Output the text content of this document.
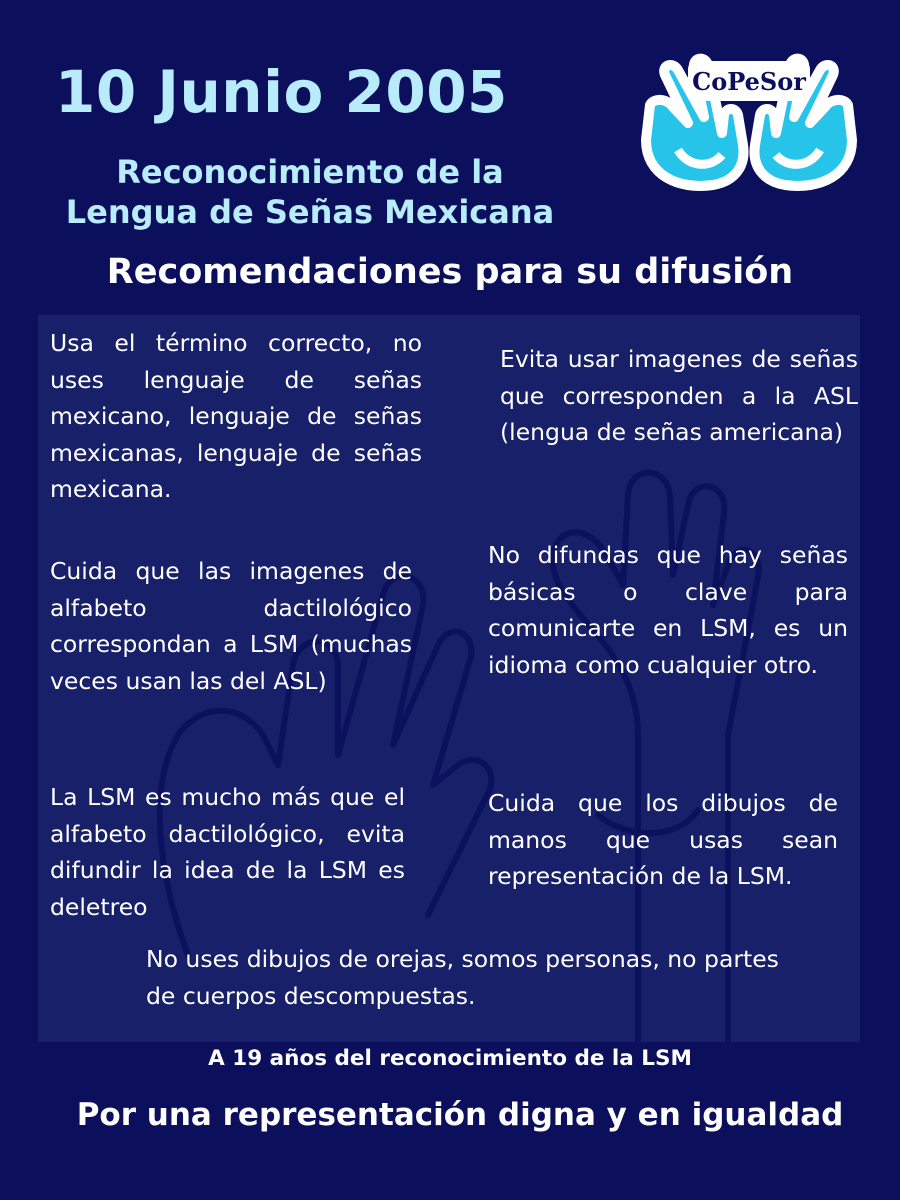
10 Junio 2005
Reconocimiento de la
Lengua de Señas Mexicana
CoPeSor
Recomendaciones para su difusión
Usa el término correcto, no uses lenguaje de señas mexicano, lenguaje de señas mexicanas, lenguaje de señas mexicana.
Evita usar imagenes de señas que corresponden a la ASL (lengua de señas americana)
Cuida que las imagenes de alfabeto dactilológico correspondan a LSM (muchas veces usan las del ASL)
No difundas que hay señas básicas o clave para comunicarte en LSM, es un idioma como cualquier otro.
La LSM es mucho más que el alfabeto dactilológico, evita difundir la idea de la LSM es deletreo
Cuida que los dibujos de manos que usas sean representación de la LSM.
No uses dibujos de orejas, somos personas, no partes de cuerpos descompuestas.
A 19 años del reconocimiento de la LSM
Por una representación digna y en igualdad
